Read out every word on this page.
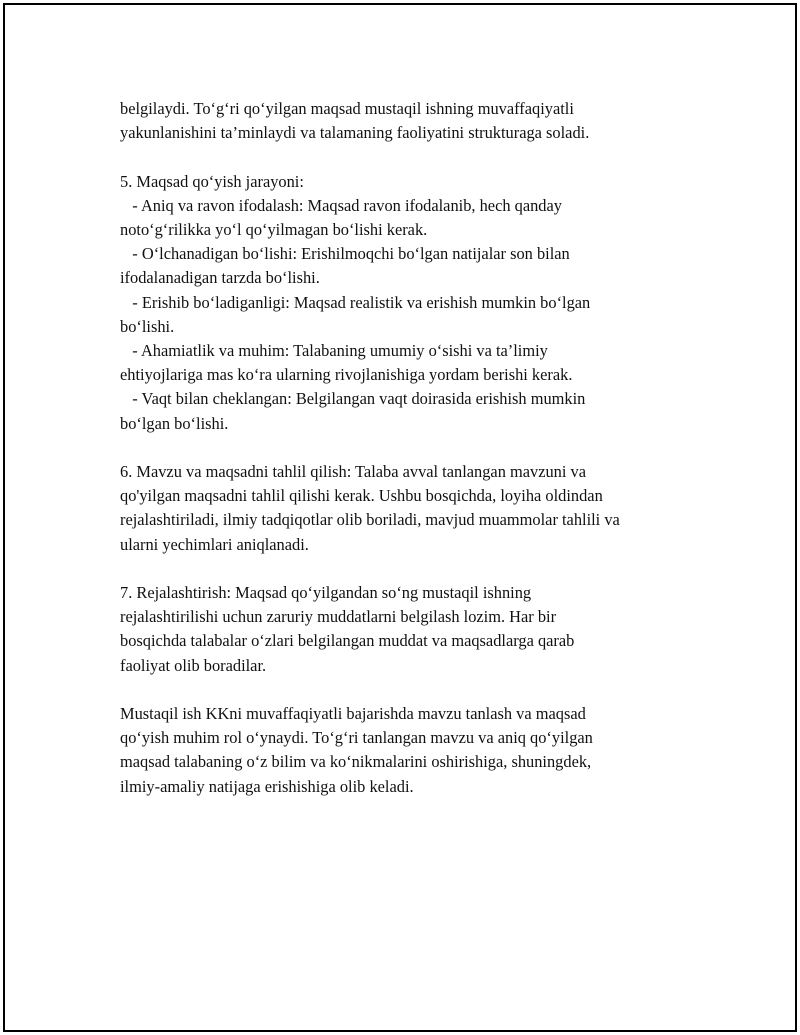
belgilaydi. To‘g‘ri qo‘yilgan maqsad mustaqil ishning muvaffaqiyatli

yakunlanishini ta’minlaydi va talamaning faoliyatini strukturaga soladi.

5. Maqsad qo‘yish jarayoni:

- Aniq va ravon ifodalash: Maqsad ravon ifodalanib, hech qanday

noto‘g‘rilikka yo‘l qo‘yilmagan bo‘lishi kerak.

- O‘lchanadigan bo‘lishi: Erishilmoqchi bo‘lgan natijalar son bilan

ifodalanadigan tarzda bo‘lishi.

- Erishib bo‘ladiganligi: Maqsad realistik va erishish mumkin bo‘lgan

bo‘lishi.

- Ahamiatlik va muhim: Talabaning umumiy o‘sishi va ta’limiy

ehtiyojlariga mas ko‘ra ularning rivojlanishiga yordam berishi kerak.

- Vaqt bilan cheklangan: Belgilangan vaqt doirasida erishish mumkin

bo‘lgan bo‘lishi.

6. Mavzu va maqsadni tahlil qilish: Talaba avval tanlangan mavzuni va

qo'yilgan maqsadni tahlil qilishi kerak. Ushbu bosqichda, loyiha oldindan

rejalashtiriladi, ilmiy tadqiqotlar olib boriladi, mavjud muammolar tahlili va

ularni yechimlari aniqlanadi.

7. Rejalashtirish: Maqsad qo‘yilgandan so‘ng mustaqil ishning

rejalashtirilishi uchun zaruriy muddatlarni belgilash lozim. Har bir

bosqichda talabalar o‘zlari belgilangan muddat va maqsadlarga qarab

faoliyat olib boradilar.

Mustaqil ish KKni muvaffaqiyatli bajarishda mavzu tanlash va maqsad

qo‘yish muhim rol o‘ynaydi. To‘g‘ri tanlangan mavzu va aniq qo‘yilgan

maqsad talabaning o‘z bilim va ko‘nikmalarini oshirishiga, shuningdek,

ilmiy-amaliy natijaga erishishiga olib keladi.
